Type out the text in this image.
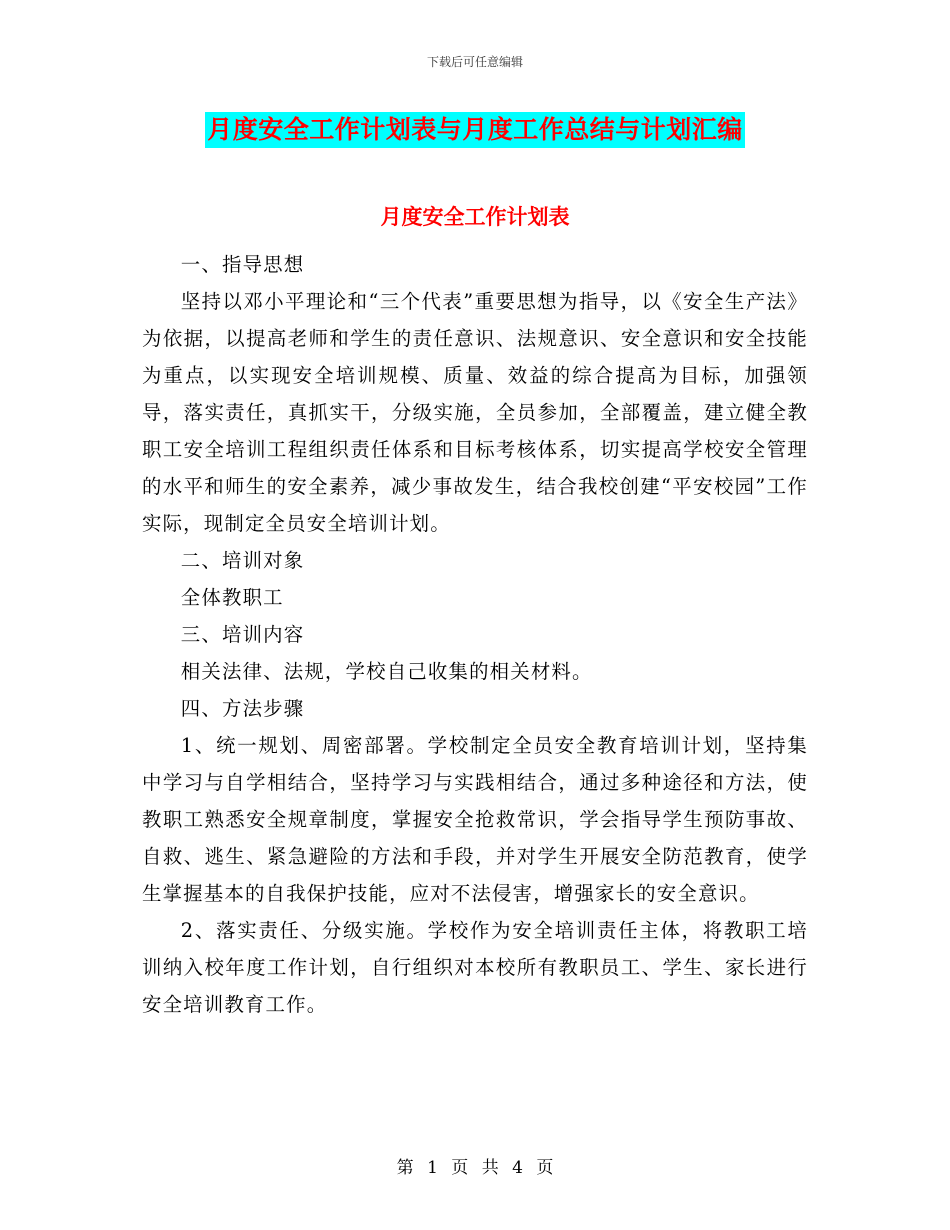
下载后可任意编辑
月度安全工作计划表与月度工作总结与计划汇编
月度安全工作计划表

一、指导思想

坚持以邓小平理论和“三个代表”重要思想为指导，以《安全生产法》为依据，以提高老师和学生的责任意识、法规意识、安全意识和安全技能为重点，以实现安全培训规模、质量、效益的综合提高为目标，加强领导，落实责任，真抓实干，分级实施，全员参加，全部覆盖，建立健全教职工安全培训工程组织责任体系和目标考核体系，切实提高学校安全管理的水平和师生的安全素养，减少事故发生，结合我校创建“平安校园”工作实际，现制定全员安全培训计划。

二、培训对象

全体教职工

三、培训内容

相关法律、法规，学校自己收集的相关材料。

四、方法步骤

1、统一规划、周密部署。学校制定全员安全教育培训计划，坚持集中学习与自学相结合，坚持学习与实践相结合，通过多种途径和方法，使教职工熟悉安全规章制度，掌握安全抢救常识，学会指导学生预防事故、自救、逃生、紧急避险的方法和手段，并对学生开展安全防范教育，使学生掌握基本的自我保护技能，应对不法侵害，增强家长的安全意识。

2、落实责任、分级实施。学校作为安全培训责任主体，将教职工培训纳入校年度工作计划，自行组织对本校所有教职员工、学生、家长进行安全培训教育工作。

第 1 页 共 4 页
